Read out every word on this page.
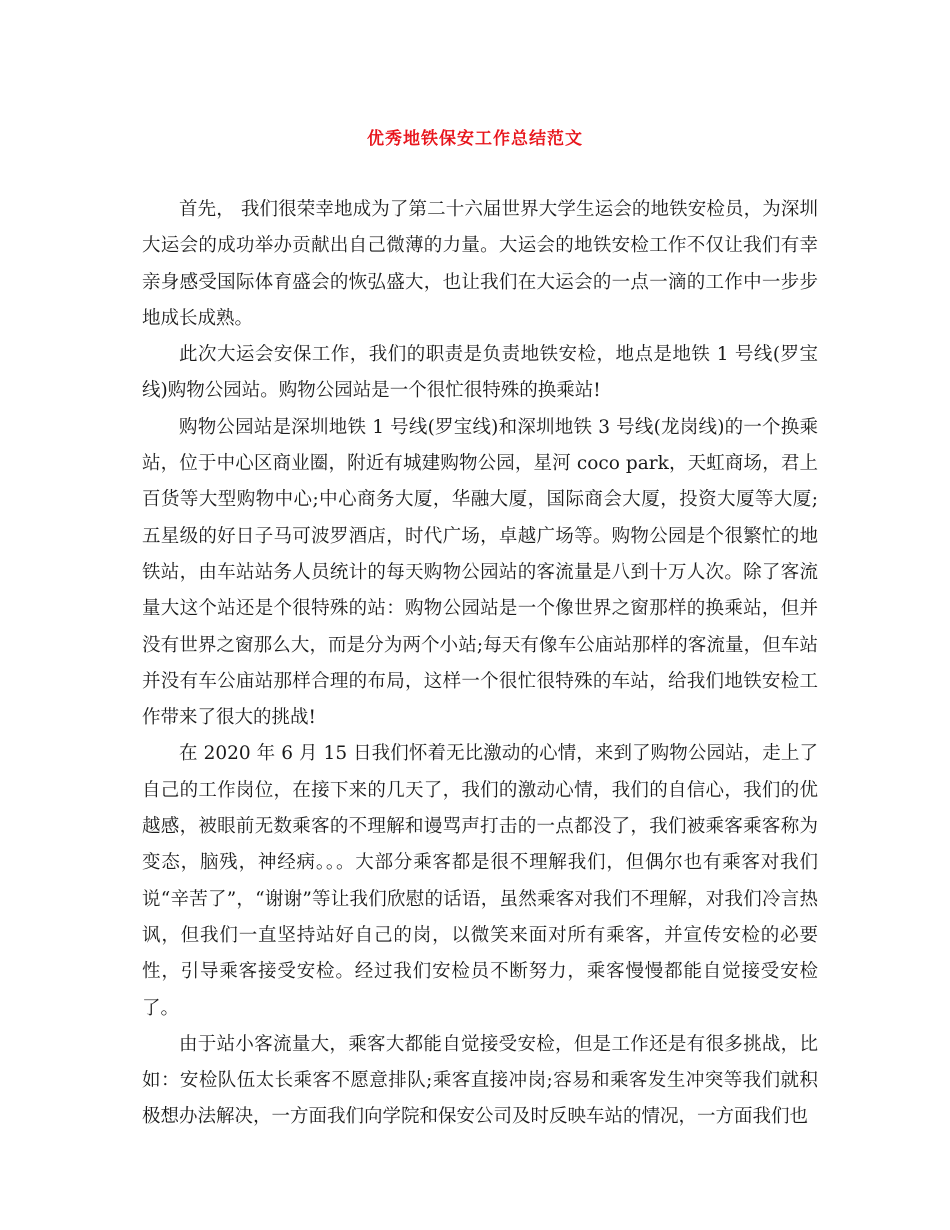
优秀地铁保安工作总结范文

首先， 我们很荣幸地成为了第二十六届世界大学生运会的地铁安检员，为深圳大运会的成功举办贡献出自己微薄的力量。大运会的地铁安检工作不仅让我们有幸亲身感受国际体育盛会的恢弘盛大，也让我们在大运会的一点一滴的工作中一步步地成长成熟。

此次大运会安保工作，我们的职责是负责地铁安检，地点是地铁 1 号线(罗宝线)购物公园站。购物公园站是一个很忙很特殊的换乘站!

购物公园站是深圳地铁 1 号线(罗宝线)和深圳地铁 3 号线(龙岗线)的一个换乘站，位于中心区商业圈，附近有城建购物公园，星河 coco park，天虹商场，君上百货等大型购物中心;中心商务大厦，华融大厦，国际商会大厦，投资大厦等大厦;五星级的好日子马可波罗酒店，时代广场，卓越广场等。购物公园是个很繁忙的地铁站，由车站站务人员统计的每天购物公园站的客流量是八到十万人次。除了客流量大这个站还是个很特殊的站：购物公园站是一个像世界之窗那样的换乘站，但并没有世界之窗那么大，而是分为两个小站;每天有像车公庙站那样的客流量，但车站并没有车公庙站那样合理的布局，这样一个很忙很特殊的车站，给我们地铁安检工作带来了很大的挑战!

在 2020 年 6 月 15 日我们怀着无比激动的心情，来到了购物公园站，走上了自己的工作岗位，在接下来的几天了，我们的激动心情，我们的自信心，我们的优越感，被眼前无数乘客的不理解和谩骂声打击的一点都没了，我们被乘客乘客称为变态，脑残，神经病。。。大部分乘客都是很不理解我们，但偶尔也有乘客对我们说“辛苦了”，“谢谢”等让我们欣慰的话语，虽然乘客对我们不理解，对我们冷言热讽，但我们一直坚持站好自己的岗，以微笑来面对所有乘客，并宣传安检的必要性，引导乘客接受安检。经过我们安检员不断努力，乘客慢慢都能自觉接受安检了。

由于站小客流量大，乘客大都能自觉接受安检，但是工作还是有很多挑战，比如：安检队伍太长乘客不愿意排队;乘客直接冲岗;容易和乘客发生冲突等我们就积极想办法解决，一方面我们向学院和保安公司及时反映车站的情况，一方面我们也
